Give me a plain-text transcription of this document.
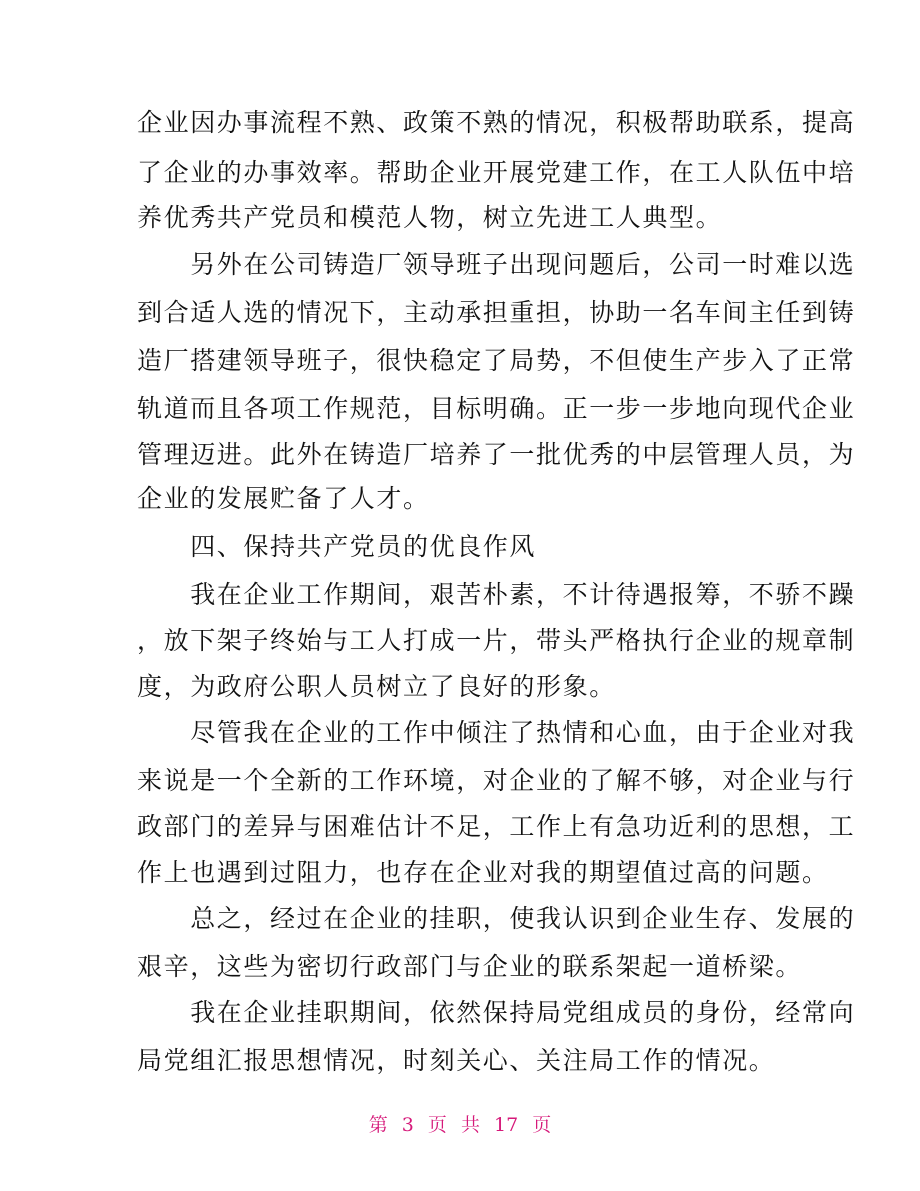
企业因办事流程不熟、政策不熟的情况，积极帮助联系，提高
了企业的办事效率。帮助企业开展党建工作，在工人队伍中培
养优秀共产党员和模范人物，树立先进工人典型。
　　另外在公司铸造厂领导班子出现问题后，公司一时难以选
到合适人选的情况下，主动承担重担，协助一名车间主任到铸
造厂搭建领导班子，很快稳定了局势，不但使生产步入了正常
轨道而且各项工作规范，目标明确。正一步一步地向现代企业
管理迈进。此外在铸造厂培养了一批优秀的中层管理人员，为
企业的发展贮备了人才。
　　四、保持共产党员的优良作风
　　我在企业工作期间，艰苦朴素，不计待遇报筹，不骄不躁
，放下架子终始与工人打成一片，带头严格执行企业的规章制
度，为政府公职人员树立了良好的形象。
　　尽管我在企业的工作中倾注了热情和心血，由于企业对我
来说是一个全新的工作环境，对企业的了解不够，对企业与行
政部门的差异与困难估计不足，工作上有急功近利的思想，工
作上也遇到过阻力，也存在企业对我的期望值过高的问题。
　　总之，经过在企业的挂职，使我认识到企业生存、发展的
艰辛，这些为密切行政部门与企业的联系架起一道桥梁。
　　我在企业挂职期间，依然保持局党组成员的身份，经常向
局党组汇报思想情况，时刻关心、关注局工作的情况。
第 3 页 共 17 页
